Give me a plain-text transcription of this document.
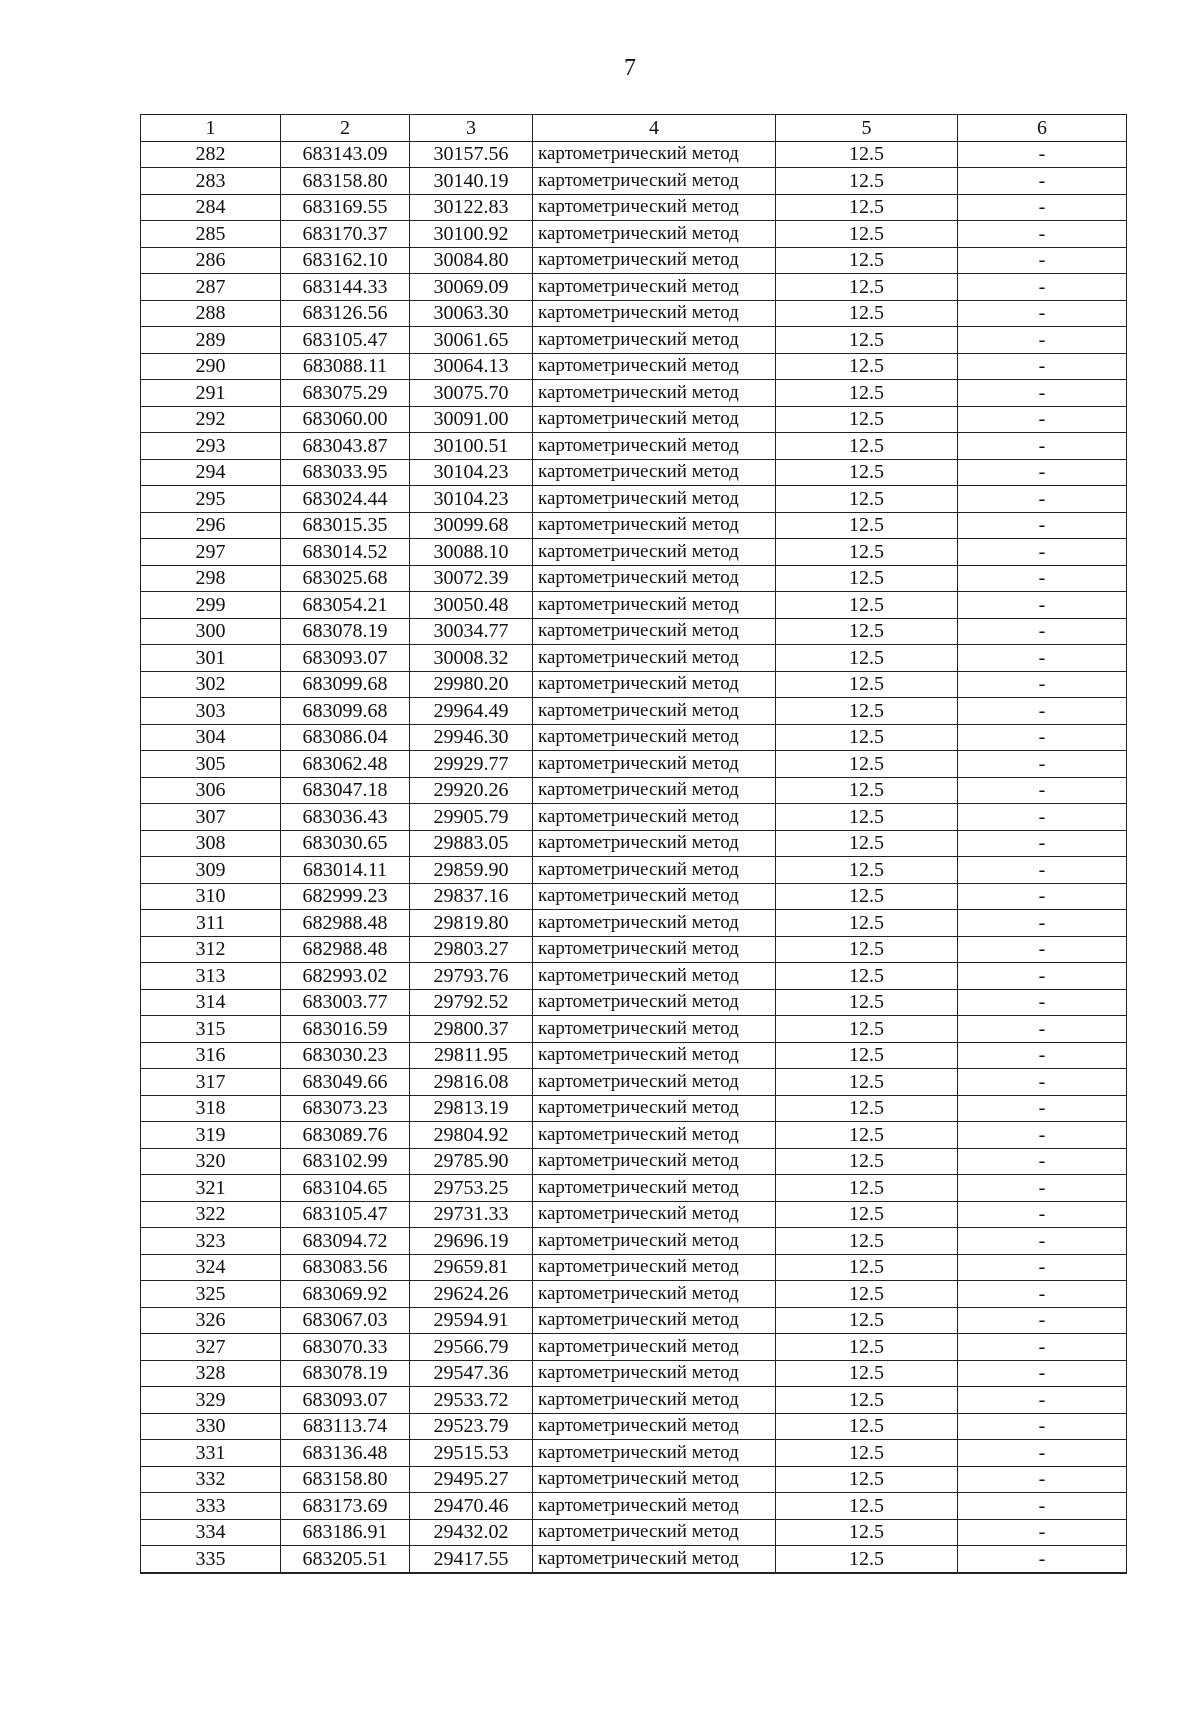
7
1	2	3	4	5	6
282	683143.09	30157.56	картометрический метод	12.5	-
283	683158.80	30140.19	картометрический метод	12.5	-
284	683169.55	30122.83	картометрический метод	12.5	-
285	683170.37	30100.92	картометрический метод	12.5	-
286	683162.10	30084.80	картометрический метод	12.5	-
287	683144.33	30069.09	картометрический метод	12.5	-
288	683126.56	30063.30	картометрический метод	12.5	-
289	683105.47	30061.65	картометрический метод	12.5	-
290	683088.11	30064.13	картометрический метод	12.5	-
291	683075.29	30075.70	картометрический метод	12.5	-
292	683060.00	30091.00	картометрический метод	12.5	-
293	683043.87	30100.51	картометрический метод	12.5	-
294	683033.95	30104.23	картометрический метод	12.5	-
295	683024.44	30104.23	картометрический метод	12.5	-
296	683015.35	30099.68	картометрический метод	12.5	-
297	683014.52	30088.10	картометрический метод	12.5	-
298	683025.68	30072.39	картометрический метод	12.5	-
299	683054.21	30050.48	картометрический метод	12.5	-
300	683078.19	30034.77	картометрический метод	12.5	-
301	683093.07	30008.32	картометрический метод	12.5	-
302	683099.68	29980.20	картометрический метод	12.5	-
303	683099.68	29964.49	картометрический метод	12.5	-
304	683086.04	29946.30	картометрический метод	12.5	-
305	683062.48	29929.77	картометрический метод	12.5	-
306	683047.18	29920.26	картометрический метод	12.5	-
307	683036.43	29905.79	картометрический метод	12.5	-
308	683030.65	29883.05	картометрический метод	12.5	-
309	683014.11	29859.90	картометрический метод	12.5	-
310	682999.23	29837.16	картометрический метод	12.5	-
311	682988.48	29819.80	картометрический метод	12.5	-
312	682988.48	29803.27	картометрический метод	12.5	-
313	682993.02	29793.76	картометрический метод	12.5	-
314	683003.77	29792.52	картометрический метод	12.5	-
315	683016.59	29800.37	картометрический метод	12.5	-
316	683030.23	29811.95	картометрический метод	12.5	-
317	683049.66	29816.08	картометрический метод	12.5	-
318	683073.23	29813.19	картометрический метод	12.5	-
319	683089.76	29804.92	картометрический метод	12.5	-
320	683102.99	29785.90	картометрический метод	12.5	-
321	683104.65	29753.25	картометрический метод	12.5	-
322	683105.47	29731.33	картометрический метод	12.5	-
323	683094.72	29696.19	картометрический метод	12.5	-
324	683083.56	29659.81	картометрический метод	12.5	-
325	683069.92	29624.26	картометрический метод	12.5	-
326	683067.03	29594.91	картометрический метод	12.5	-
327	683070.33	29566.79	картометрический метод	12.5	-
328	683078.19	29547.36	картометрический метод	12.5	-
329	683093.07	29533.72	картометрический метод	12.5	-
330	683113.74	29523.79	картометрический метод	12.5	-
331	683136.48	29515.53	картометрический метод	12.5	-
332	683158.80	29495.27	картометрический метод	12.5	-
333	683173.69	29470.46	картометрический метод	12.5	-
334	683186.91	29432.02	картометрический метод	12.5	-
335	683205.51	29417.55	картометрический метод	12.5	-
